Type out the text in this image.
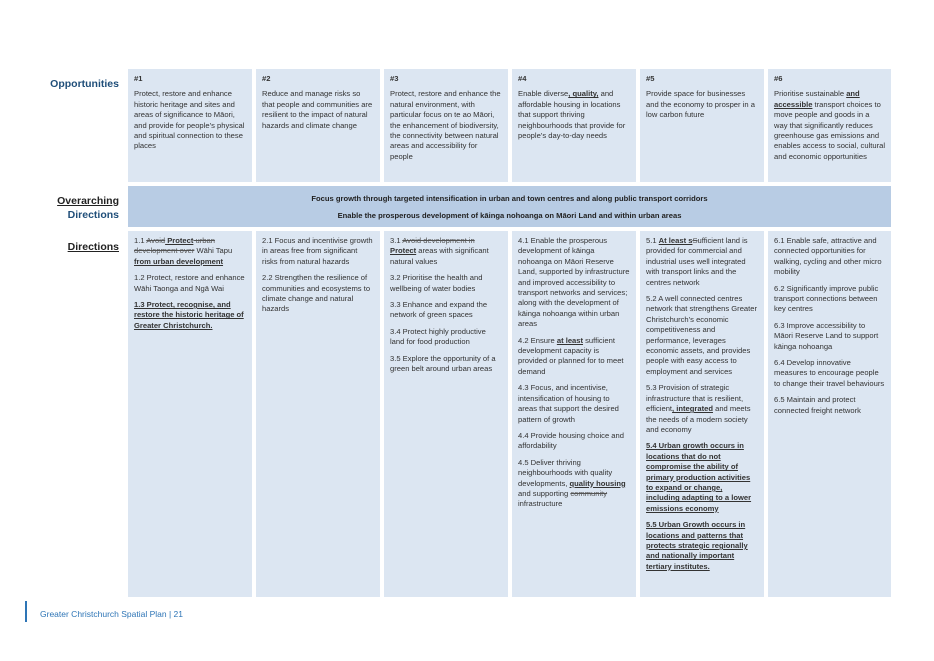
Opportunities
Overarching
Directions
Directions
#1
Protect, restore and enhance historic heritage and sites and areas of significance to Māori, and provide for people’s physical and spiritual connection to these places
#2
Reduce and manage risks so that people and communities are resilient to the impact of natural hazards and climate change
#3
Protect, restore and enhance the natural environment, with particular focus on te ao Māori, the enhancement of biodiversity, the connectivity between natural areas and accessibility for people
#4
Enable diverse, quality, and affordable housing in locations that support thriving neighbourhoods that provide for people’s day-to-day needs
#5
Provide space for businesses and the economy to prosper in a low carbon future
#6
Prioritise sustainable and accessible transport choices to move people and goods in a way that significantly reduces greenhouse gas emissions and enables access to social, cultural and economic opportunities
Focus growth through targeted intensification in urban and town centres and along public transport corridors
Enable the prosperous development of kāinga nohoanga on Māori Land and within urban areas

1.1 Avoid Protect urban development over Wāhi Tapu from urban development

1.2 Protect, restore and enhance Wāhi Taonga and Ngā Wai

1.3 Protect, recognise, and restore the historic heritage of Greater Christchurch.

2.1 Focus and incentivise growth in areas free from significant risks from natural hazards

2.2 Strengthen the resilience of communities and ecosystems to climate change and natural hazards

3.1 Avoid development in Protect areas with significant natural values

3.2 Prioritise the health and wellbeing of water bodies

3.3 Enhance and expand the network of green spaces

3.4 Protect highly productive land for food production

3.5 Explore the opportunity of a green belt around urban areas

4.1 Enable the prosperous development of kāinga nohoanga on Māori Reserve Land, supported by infrastructure and improved accessibility to transport networks and services; along with the development of kāinga nohoanga within urban areas

4.2 Ensure at least sufficient development capacity is provided or planned for to meet demand

4.3 Focus, and incentivise, intensification of housing to areas that support the desired pattern of growth

4.4 Provide housing choice and affordability

4.5 Deliver thriving neighbourhoods with quality developments, quality housing and supporting community infrastructure

5.1 At least sSufficient land is provided for commercial and industrial uses well integrated with transport links and the centres network

5.2 A well connected centres network that strengthens Greater Christchurch’s economic competitiveness and performance, leverages economic assets, and provides people with easy access to employment and services

5.3 Provision of strategic infrastructure that is resilient, efficient, integrated and meets the needs of a modern society and economy

5.4 Urban growth occurs in locations that do not compromise the ability of primary production activities to expand or change, including adapting to a lower emissions economy

5.5 Urban Growth occurs in locations and patterns that protects strategic regionally and nationally important tertiary institutes.

6.1 Enable safe, attractive and connected opportunities for walking, cycling and other micro mobility

6.2 Significantly improve public transport connections between key centres

6.3 Improve accessibility to Māori Reserve Land to support kāinga nohoanga

6.4 Develop innovative measures to encourage people to change their travel behaviours

6.5 Maintain and protect connected freight network

Greater Christchurch Spatial Plan | 21
